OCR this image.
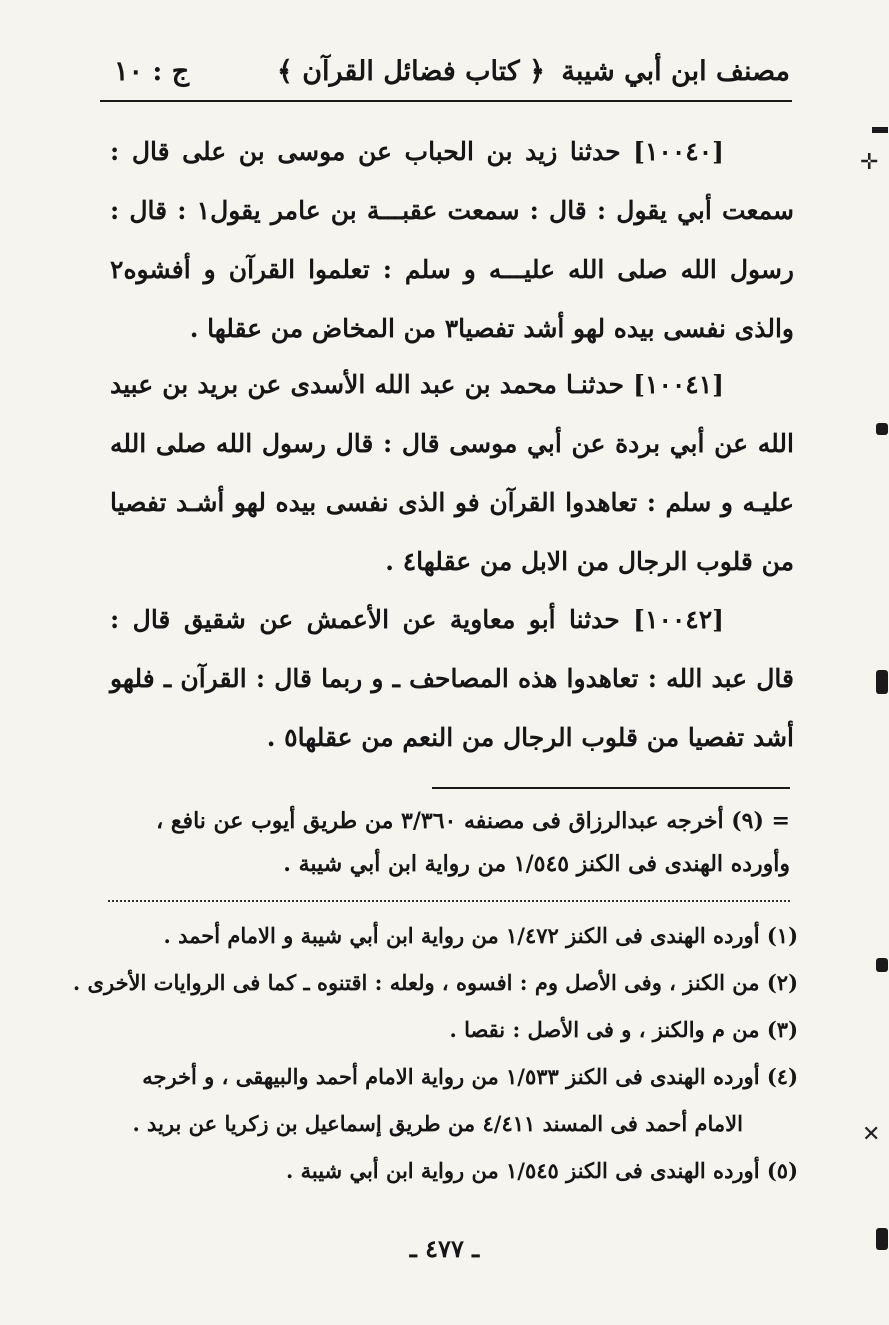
مصنف ابن أبي شيبة
﴿ كتاب فضائل القرآن ﴾
ج : ١٠

[١٠٠٤٠] حدثنا زيد بن الحباب عن موسى بن على قال : سمعت أبي يقول : قال : سمعت عقبـــة بن عامر يقول١ : قال : رسول الله صلى الله عليـــه و سلم : تعلموا القرآن و أفشوه٢ والذى نفسى بيده لهو أشد تفصيا٣ من المخاض من عقلها .

[١٠٠٤١] حدثنـا محمد بن عبد الله الأسدى عن بريد بن عبيد الله عن أبي بردة عن أبي موسى قال : قال رسول الله صلى الله عليـه و سلم : تعاهدوا القرآن فو الذى نفسى بيده لهو أشـد تفصيا من قلوب الرجال من الابل من عقلها٤ .

[١٠٠٤٢] حدثنا أبو معاوية عن الأعمش عن شقيق قال : قال عبد الله : تعاهدوا هذه المصاحف ـ و ربما قال : القرآن ـ فلهو أشد تفصيا من قلوب الرجال من النعم من عقلها٥ .

= (٩) أخرجه عبدالرزاق فى مصنفه ٣/٣٦٠ من طريق أيوب عن نافع ، وأورده الهندى فى الكنز ١/٥٤٥ من رواية ابن أبي شيبة .
(١) أورده الهندى فى الكنز ١/٤٧٢ من رواية ابن أبي شيبة و الامام أحمد .
(٢) من الكنز ، وفى الأصل وم : افسوه ، ولعله : اقتنوه ـ كما فى الروايات الأخرى .
(٣) من م والكنز ، و فى الأصل : نقصا .
(٤) أورده الهندى فى الكنز ١/٥٣٣ من رواية الامام أحمد والبيهقى ، و أخرجه
الامام أحمد فى المسند ٤/٤١١ من طريق إسماعيل بن زكريا عن بريد .
(٥) أورده الهندى فى الكنز ١/٥٤٥ من رواية ابن أبي شيبة .
ـ ٤٧٧ ـ
✛
✕
